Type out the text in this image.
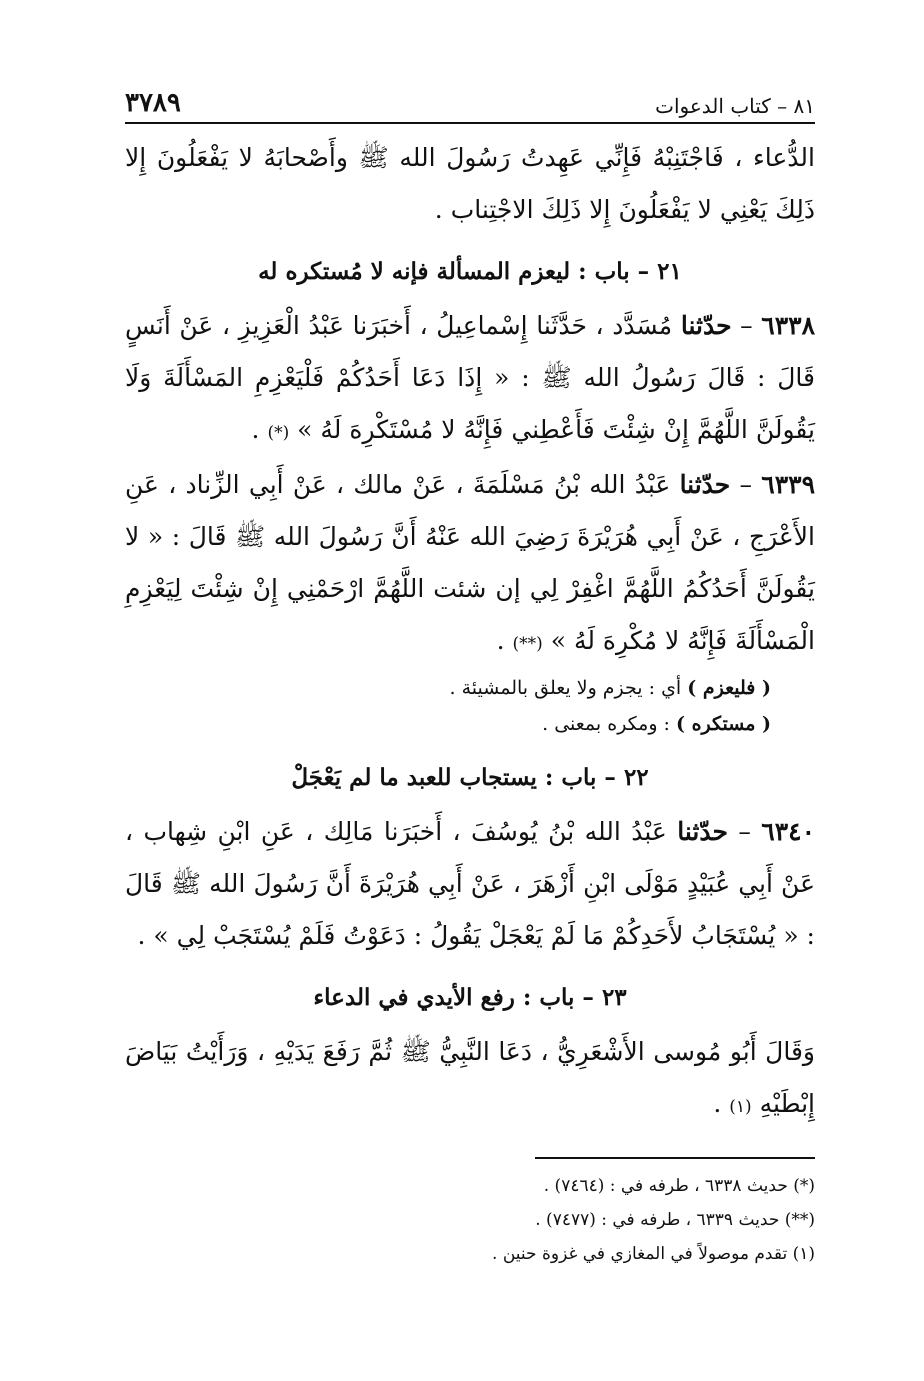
٨١ – كتاب الدعوات
٣٧٨٩

الدُّعاء ، فَاجْتَنِبْهُ فَإِنِّي عَهِدتُ رَسُولَ الله ﷺ وأَصْحابَهُ لا يَفْعَلُونَ إِلا ذَلِكَ يَعْنِي لا يَفْعَلُونَ إِلا ذَلِكَ الاجْتِناب .

٢١ – باب : ليعزم المسألة فإنه لا مُستكره له

٦٣٣٨ – حدّثنا مُسَدَّد ، حَدَّثَنا إِسْماعِيلُ ، أَخبَرَنا عَبْدُ الْعَزِيزِ ، عَنْ أَنَسٍ قَالَ : قَالَ رَسُولُ الله ﷺ : « إِذَا دَعَا أَحَدُكُمْ فَلْيَعْزِمِ المَسْأَلَةَ وَلَا يَقُولَنَّ اللَّهُمَّ إِنْ شِئْتَ فَأَعْطِني فَإِنَّهُ لا مُسْتَكْرِهَ لَهُ » (*) .

٦٣٣٩ – حدّثنا عَبْدُ الله بْنُ مَسْلَمَةَ ، عَنْ مالك ، عَنْ أَبِي الزِّناد ، عَنِ الأَعْرَجِ ، عَنْ أَبِي هُرَيْرَةَ رَضِيَ الله عَنْهُ أَنَّ رَسُولَ الله ﷺ قَالَ : « لا يَقُولَنَّ أَحَدُكُمُ اللَّهُمَّ اغْفِرْ لِي إن شئت اللَّهُمَّ ارْحَمْنِي إِنْ شِئْتَ لِيَعْزِمِ الْمَسْأَلَةَ فَإِنَّهُ لا مُكْرِهَ لَهُ » (**) .

( فليعزم ) أي : يجزم ولا يعلق بالمشيئة .

( مستكره ) : ومكره بمعنى .

٢٢ – باب : يستجاب للعبد ما لم يَعْجَلْ

٦٣٤٠ – حدّثنا عَبْدُ الله بْنُ يُوسُفَ ، أَخبَرَنا مَالِك ، عَنِ ابْنِ شِهاب ، عَنْ أَبِي عُبَيْدٍ مَوْلَى ابْنِ أَزْهَرَ ، عَنْ أَبِي هُرَيْرَةَ أَنَّ رَسُولَ الله ﷺ قَالَ : « يُسْتَجَابُ لأَحَدِكُمْ مَا لَمْ يَعْجَلْ يَقُولُ : دَعَوْتُ فَلَمْ يُسْتَجَبْ لِي » .

٢٣ – باب : رفع الأيدي في الدعاء

وَقَالَ أَبُو مُوسى الأَشْعَرِيُّ ، دَعَا النَّبِيُّ ﷺ ثُمَّ رَفَعَ يَدَيْهِ ، وَرَأَيْتُ بَيَاضَ إِبْطَيْهِ (١) .

(*) حديث ٦٣٣٨ ، طرفه في : (٧٤٦٤) .

(**) حديث ٦٣٣٩ ، طرفه في : (٧٤٧٧) .

(١) تقدم موصولاً في المغازي في غزوة حنين .
